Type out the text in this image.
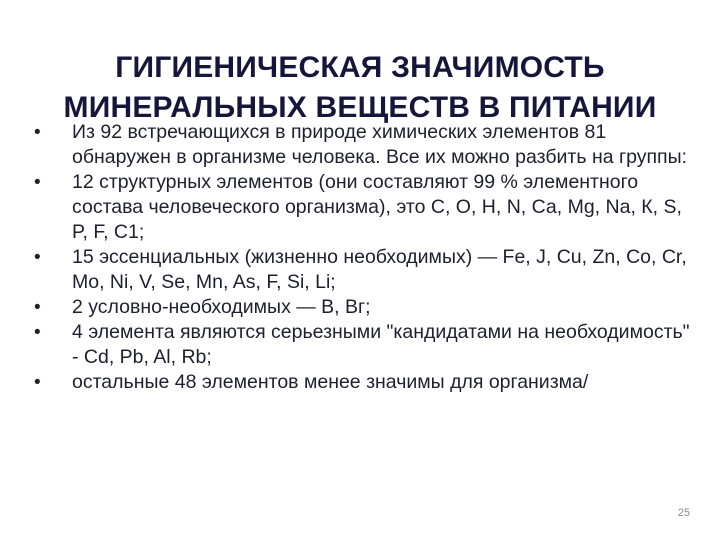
ГИГИЕНИЧЕСКАЯ ЗНАЧИМОСТЬ
МИНЕРАЛЬНЫХ ВЕЩЕСТВ В ПИТАНИИ
•	Из 92 встречающихся в природе химических элементов 81 обнаружен в организме человека. Все их можно разбить на группы:
•	12 структурных элементов (они составляют 99 % элементного состава человеческого организма), это С, О, Н, N, Са, Mg, Na, К, S, P, F, С1;
•	15 эссенциальных (жизненно необходимых) — Fe, J, Cu, Zn, Со, Cr, Mo, Ni, V, Se, Mn, As, F, Si, Li;
•	2 условно-необходимых — В, Вг;
•	4 элемента являются серьезными "кандидатами на необходимость" - Cd, Pb, Al, Rb;
•	остальные 48 элементов менее значимы для организма/
25
